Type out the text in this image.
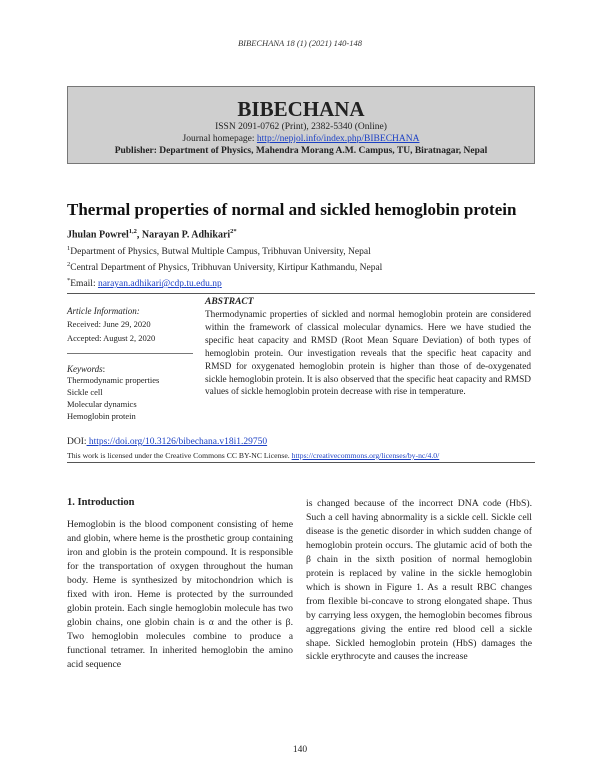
BIBECHANA 18 (1) (2021) 140-148
BIBECHANA
ISSN 2091-0762 (Print), 2382-5340 (Online)
Journal homepage: http://nepjol.info/index.php/BIBECHANA
Publisher: Department of Physics, Mahendra Morang A.M. Campus, TU, Biratnagar, Nepal
Thermal properties of normal and sickled hemoglobin protein
Jhulan Powrel$^{1,2}$, Narayan P. Adhikari$^{2*}$
$^1$Department of Physics, Butwal Multiple Campus, Tribhuvan University, Nepal
$^2$Central Department of Physics, Tribhuvan University, Kirtipur Kathmandu, Nepal
*Email: narayan.adhikari@cdp.tu.edu.np
Article Information:
Received: June 29, 2020
Accepted: August 2, 2020
Keywords:
Thermodynamic properties
Sickle cell
Molecular dynamics
Hemoglobin protein
ABSTRACT
Thermodynamic properties of sickled and normal hemoglobin protein are considered within the framework of classical molecular dynamics. Here we have studied the specific heat capacity and RMSD (Root Mean Square Deviation) of both types of hemoglobin protein. Our investigation reveals that the specific heat capacity and RMSD for oxygenated hemoglobin protein is higher than those of de-oxygenated sickle hemoglobin protein. It is also observed that the specific heat capacity and RMSD values of sickle hemoglobin protein decrease with rise in temperature.
DOI: https://doi.org/10.3126/bibechana.v18i1.29750
This work is licensed under the Creative Commons CC BY-NC License. https://creativecommons.org/licenses/by-nc/4.0/
1. Introduction
Hemoglobin is the blood component consisting of heme and globin, where heme is the prosthetic group containing iron and globin is the protein compound. It is responsible for the transportation of oxygen throughout the human body. Heme is synthesized by mitochondrion which is fixed with iron. Heme is protected by the surrounded globin protein. Each single hemoglobin molecule has two globin chains, one globin chain is α and the other is β. Two hemoglobin molecules combine to produce a functional tetramer. In inherited hemoglobin the amino acid sequence
is changed because of the incorrect DNA code (HbS). Such a cell having abnormality is a sickle cell. Sickle cell disease is the genetic disorder in which sudden change of hemoglobin protein occurs. The glutamic acid of both the β chain in the sixth position of normal hemoglobin protein is replaced by valine in the sickle hemoglobin which is shown in Figure 1. As a result RBC changes from flexible bi-concave to strong elongated shape. Thus by carrying less oxygen, the hemoglobin becomes fibrous aggregations giving the entire red blood cell a sickle shape. Sickled hemoglobin protein (HbS) damages the sickle erythrocyte and causes the increase
140
